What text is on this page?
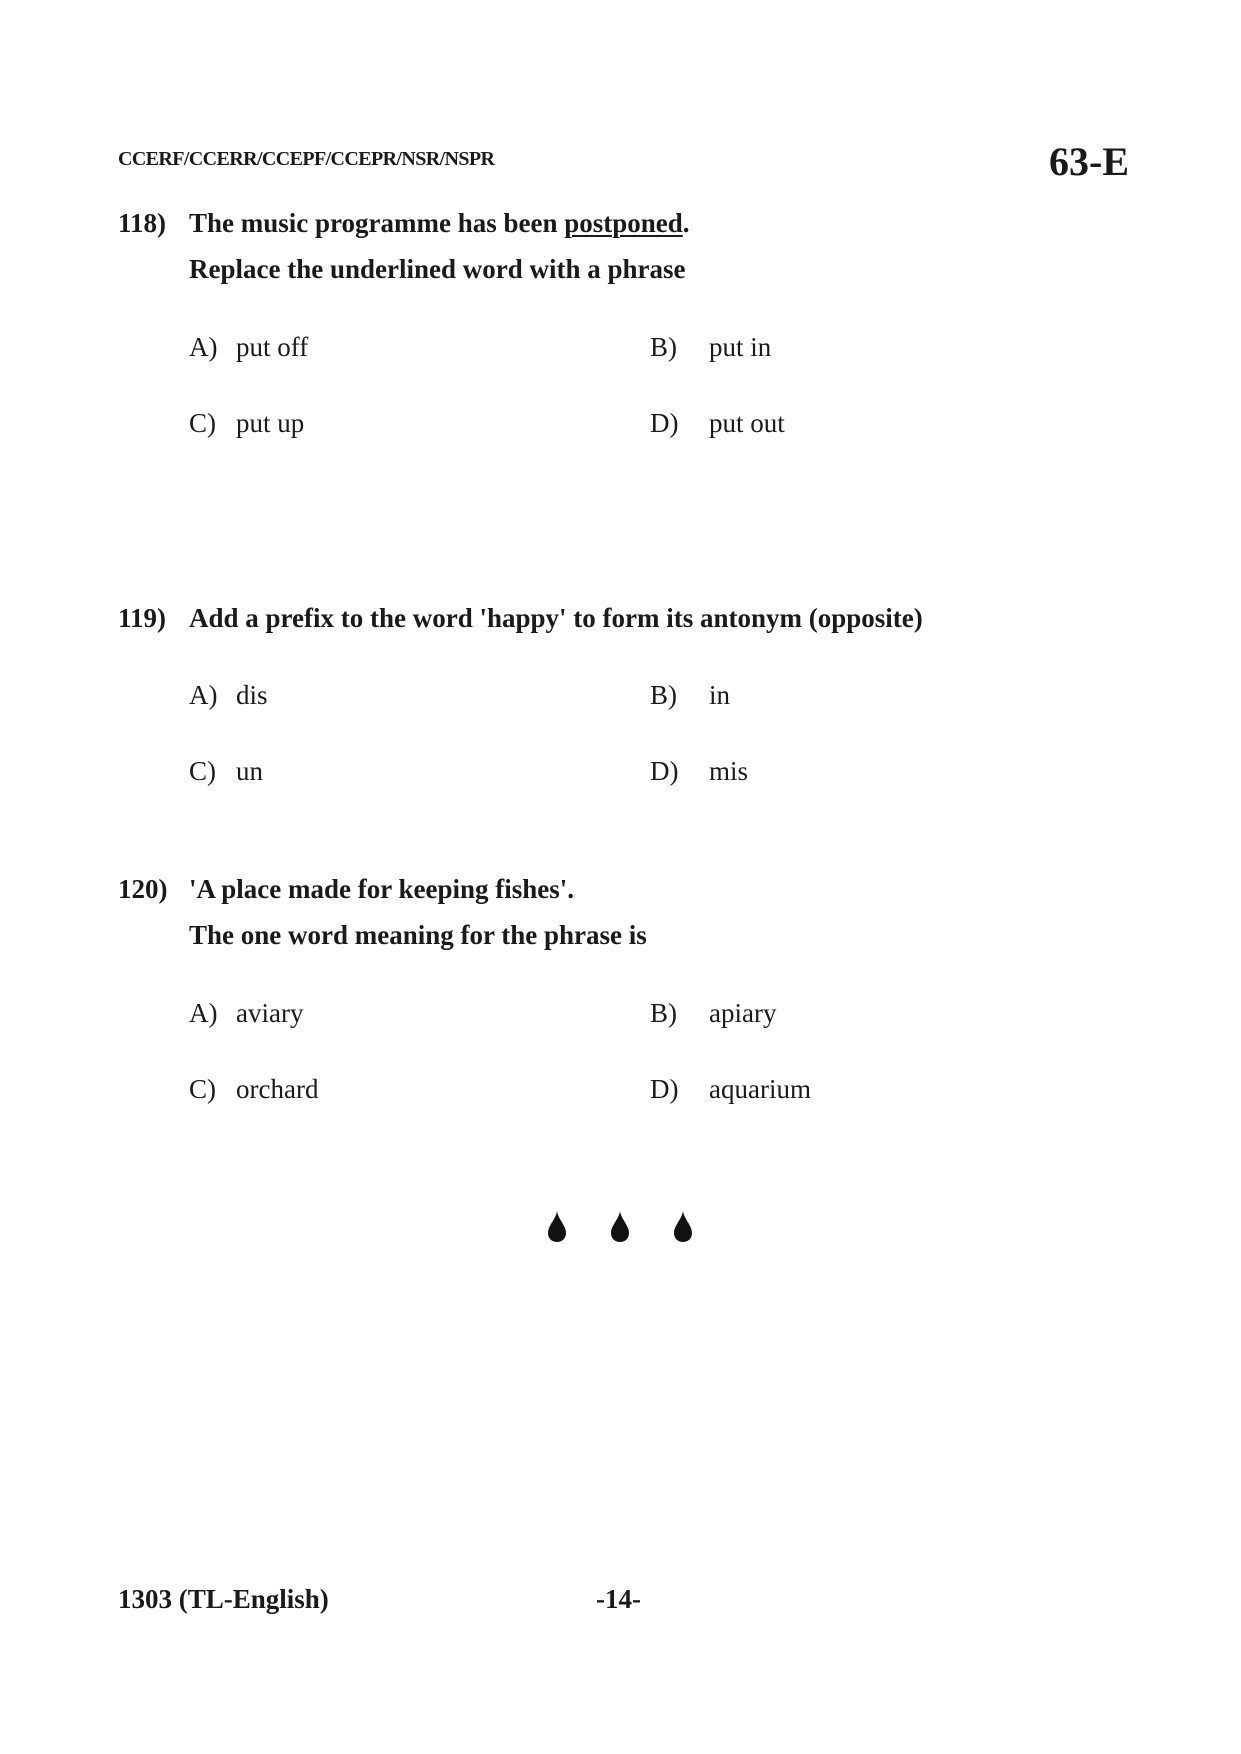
CCERF/CCERR/CCEPF/CCEPR/NSR/NSPR	63-E
118) The music programme has been postponed.
Replace the underlined word with a phrase
A) put off	B) put in
C) put up	D) put out
119) Add a prefix to the word 'happy' to form its antonym (opposite)
A) dis	B) in
C) un	D) mis
120) 'A place made for keeping fishes'.
The one word meaning for the phrase is
A) aviary	B) apiary
C) orchard	D) aquarium
1303 (TL-English)	-14-
